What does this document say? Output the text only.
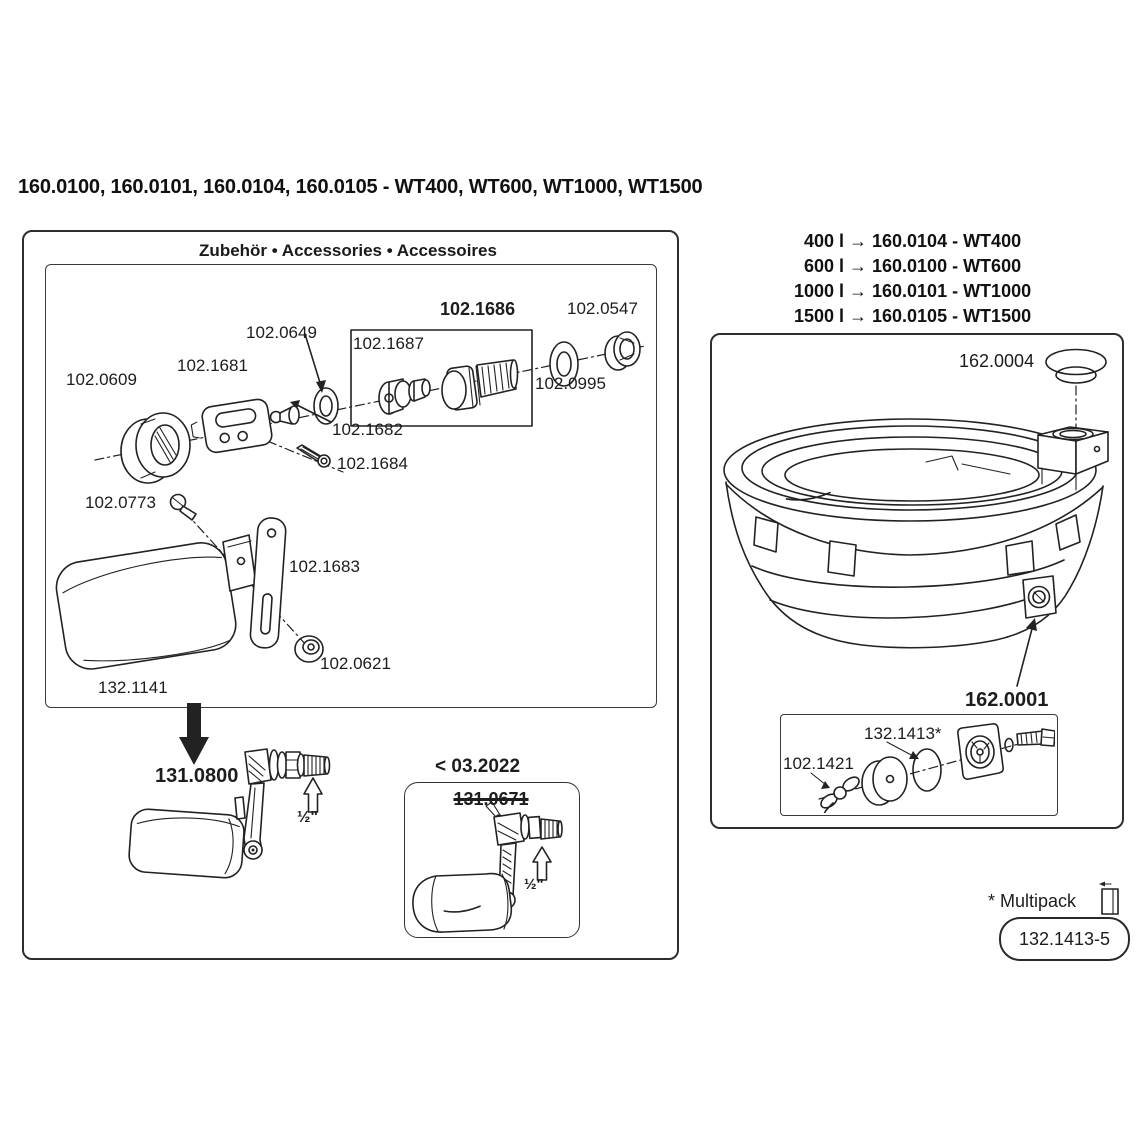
160.0100, 160.0101, 160.0104, 160.0105 - WT400, WT600, WT1000, WT1500
Zubehör • Accessories • Accessoires
102.0609
102.1681
102.0649
102.1686
102.1687
102.0547
102.0995
102.1682
102.1684
102.0773
102.1683
102.0621
132.1141
131.0800
½"
< 03.2022
131.0671
½"
400 l → 160.0104 - WT400
600 l → 160.0100 - WT600
1000 l → 160.0101 - WT1000
1500 l → 160.0105 - WT1500
162.0004
162.0001
132.1413*
102.1421
* Multipack
132.1413-5
